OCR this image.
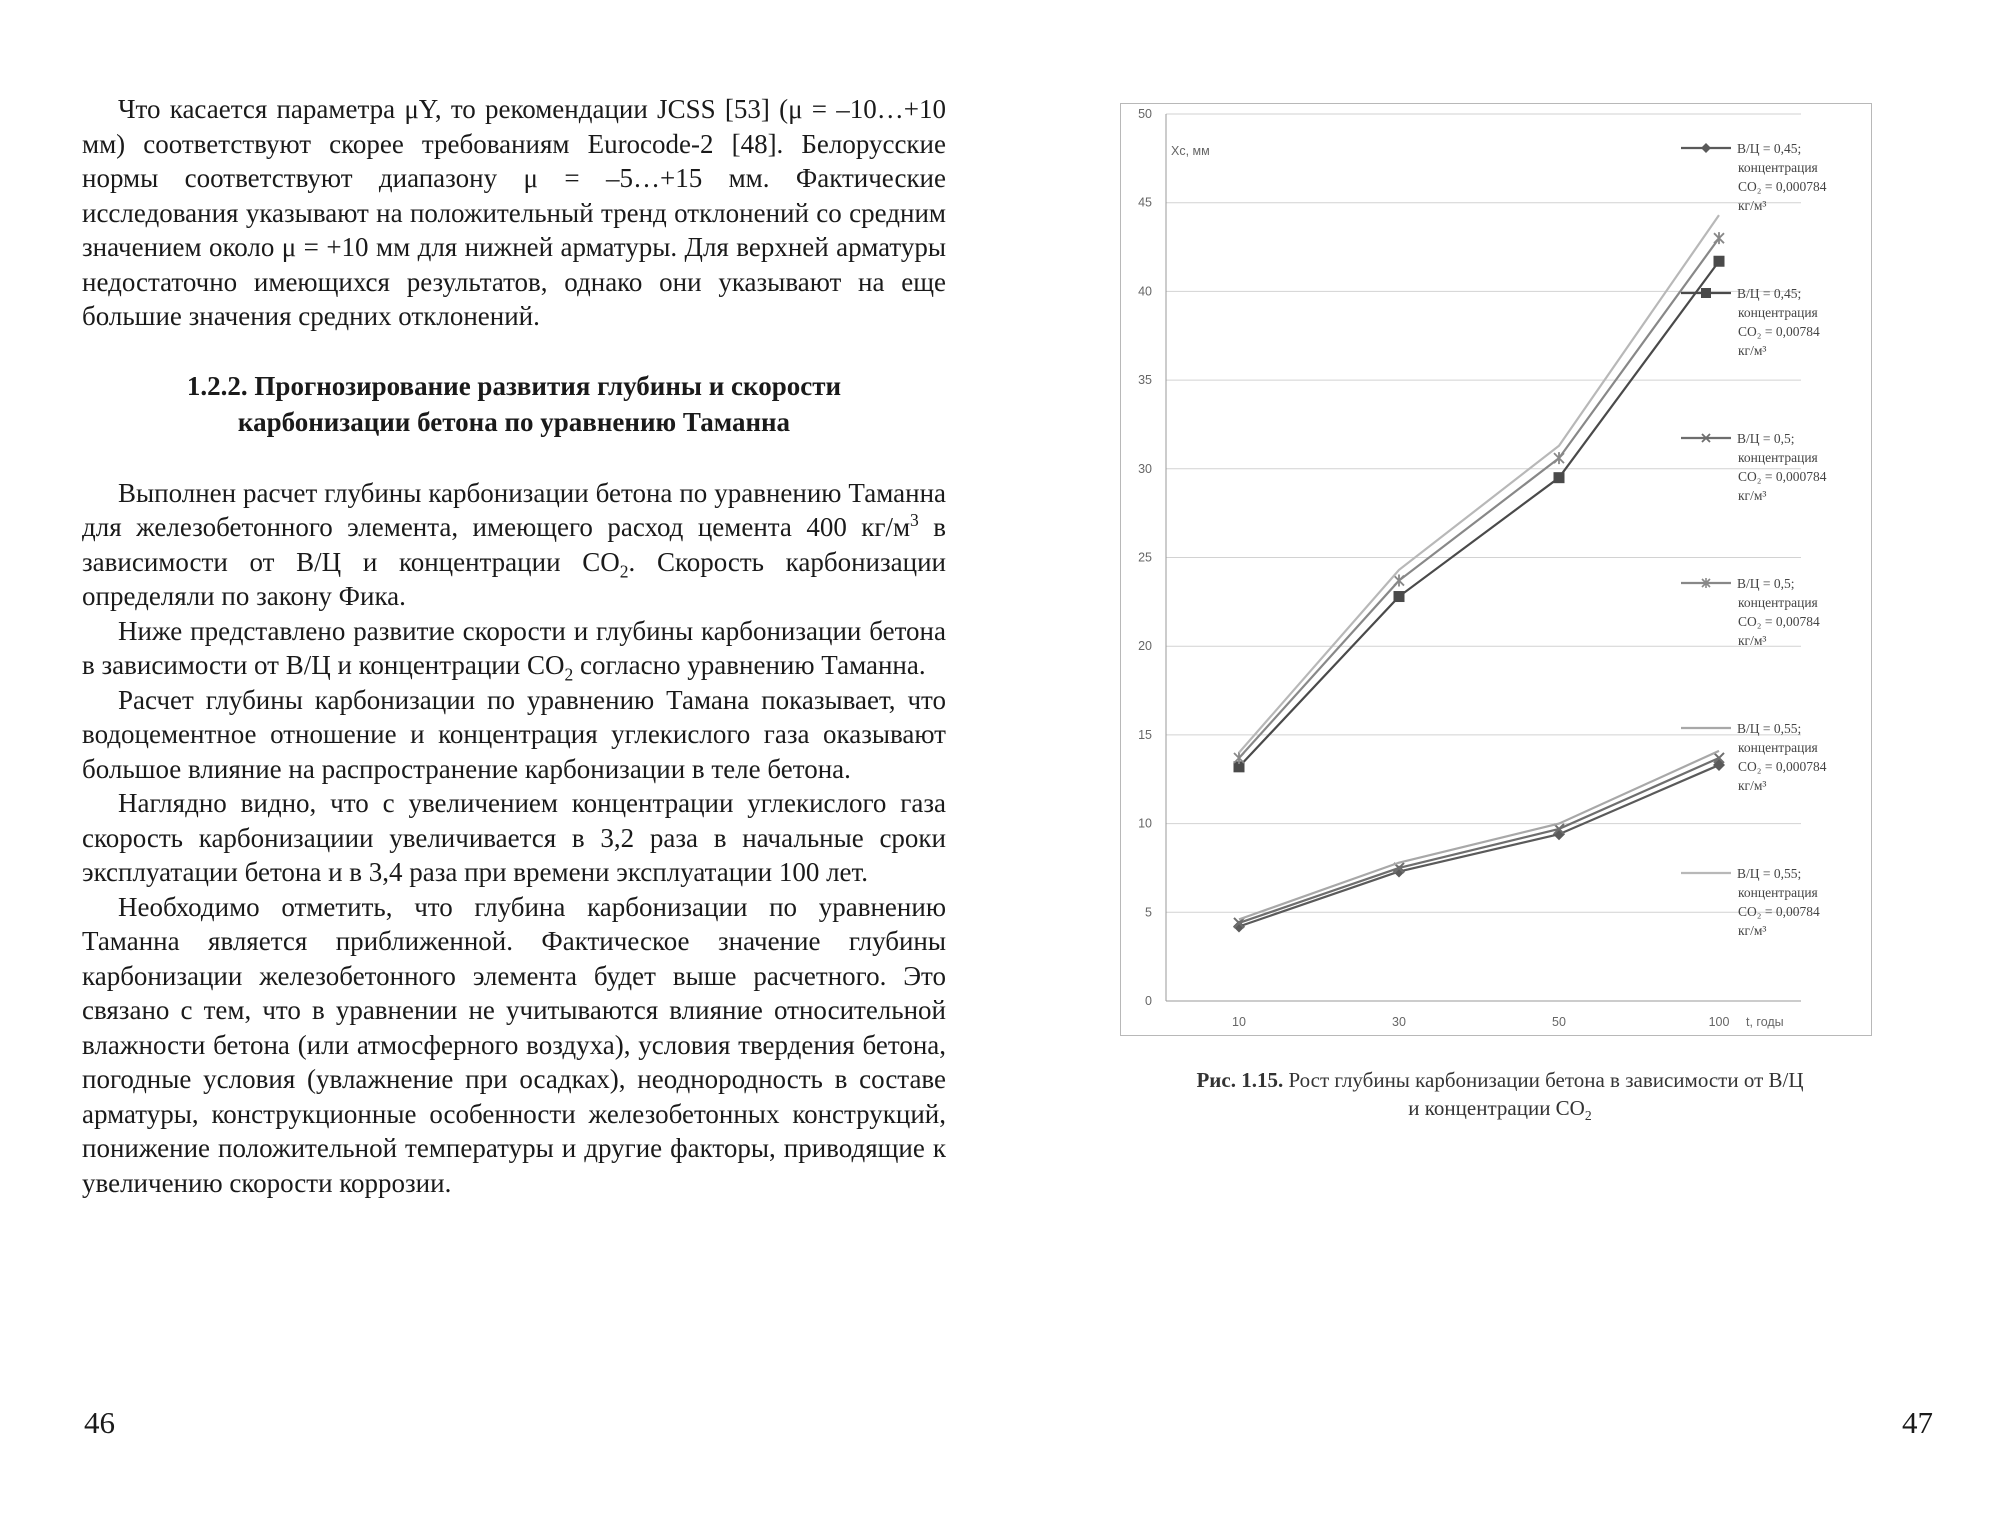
Что касается параметра μY, то рекомендации JCSS [53] (μ = –10…+10 мм) соответствуют скорее требованиям Eurocode-2 [48]. Белорусские нормы соответствуют диапазону μ = –5…+15 мм. Фактические исследования указывают на положительный тренд отклонений со средним значением около μ = +10 мм для нижней арматуры. Для верхней арматуры недостаточно имеющихся результатов, однако они указывают на еще большие значения средних отклонений.

1.2.2. Прогнозирование развития глубины и скорости
карбонизации бетона по уравнению Таманна

Выполнен расчет глубины карбонизации бетона по уравнению Таманна для железобетонного элемента, имеющего расход цемента 400 $кг/м^3$ в зависимости от В/Ц и концентрации $CO_2$. Скорость карбонизации определяли по закону Фика.

Ниже представлено развитие скорости и глубины карбонизации бетона в зависимости от В/Ц и концентрации $CO_2$ согласно уравнению Таманна.

Расчет глубины карбонизации по уравнению Тамана показывает, что водоцементное отношение и концентрация углекислого газа оказывают большое влияние на распространение карбонизации в теле бетона.

Наглядно видно, что с увеличением концентрации углекислого газа скорость карбонизациии увеличивается в 3,2 раза в начальные сроки эксплуатации бетона и в 3,4 раза при времени эксплуатации 100 лет.

Необходимо отметить, что глубина карбонизации по уравнению Таманна является приближенной. Фактическое значение глубины карбонизации железобетонного элемента будет выше расчетного. Это связано с тем, что в уравнении не учитываются влияние относительной влажности бетона (или атмосферного воздуха), условия твердения бетона, погодные условия (увлажнение при осадках), неоднородность в составе арматуры, конструкционные особенности железобетонных конструкций, понижение положительной температуры и другие факторы, приводящие к увеличению скорости коррозии.

46
0
5
10
15
20
25
30
35
40
45
50
10	30	50	100 t, годы
Xc, мм	В/Ц = 0,45;
концентрация
CO₂ = 0,000784
кг/м³
В/Ц = 0,45;
концентрация
CO₂ = 0,00784
кг/м³
В/Ц = 0,5;
концентрация
CO₂ = 0,000784
кг/м³
В/Ц = 0,5;
концентрация
CO₂ = 0,00784
кг/м³
В/Ц = 0,55;
концентрация
CO₂ = 0,000784
кг/м³
В/Ц = 0,55;
концентрация
CO₂ = 0,00784
кг/м³
Рис. 1.15. Рост глубины карбонизации бетона в зависимости от В/Ц
и концентрации $CO_2$
47
